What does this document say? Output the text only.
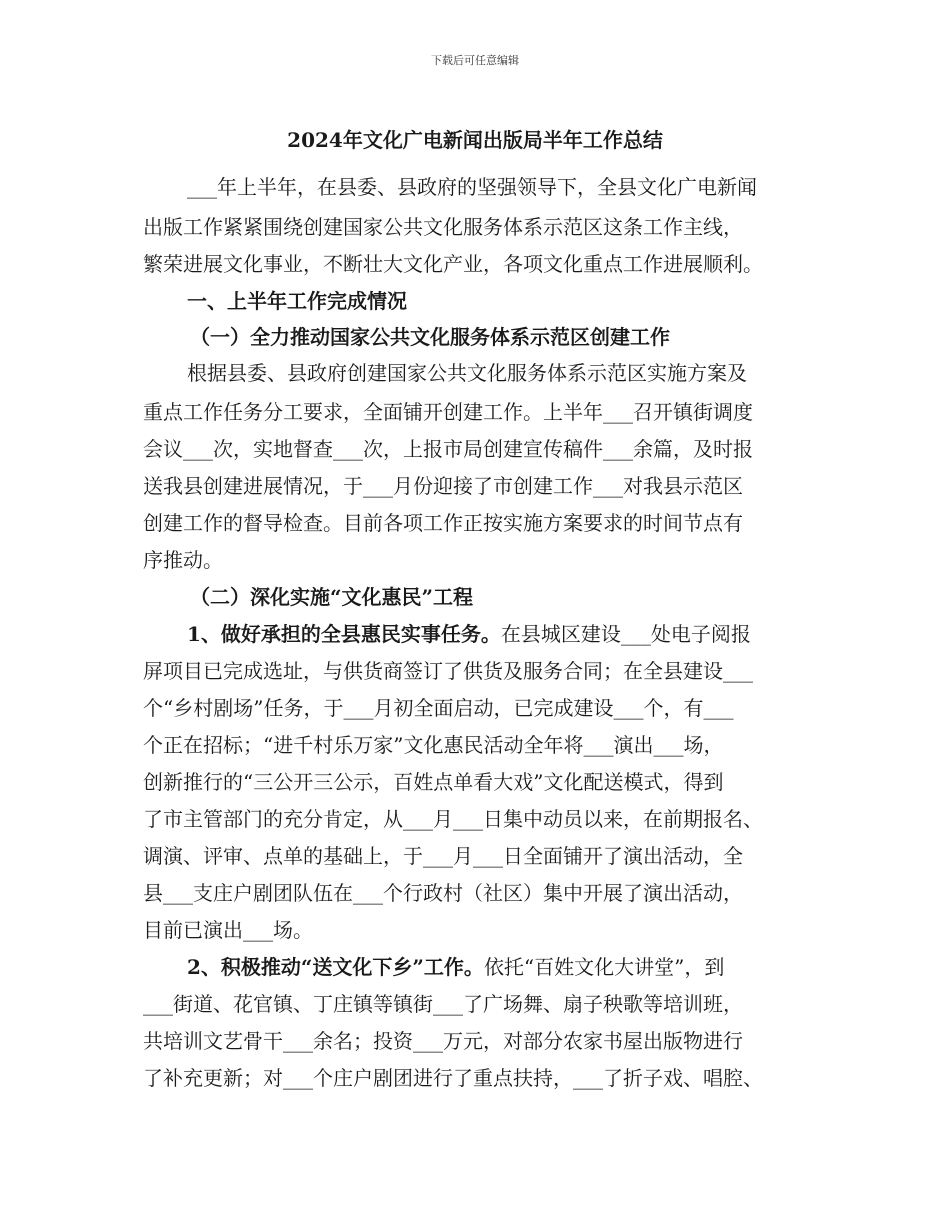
下载后可任意编辑
2024年文化广电新闻出版局半年工作总结
___年上半年，在县委、县政府的坚强领导下，全县文化广电新闻
出版工作紧紧围绕创建国家公共文化服务体系示范区这条工作主线，
繁荣进展文化事业，不断壮大文化产业，各项文化重点工作进展顺利。
一、上半年工作完成情况
（一）全力推动国家公共文化服务体系示范区创建工作
根据县委、县政府创建国家公共文化服务体系示范区实施方案及
重点工作任务分工要求，全面铺开创建工作。上半年___召开镇街调度
会议___次，实地督查___次，上报市局创建宣传稿件___余篇，及时报
送我县创建进展情况，于___月份迎接了市创建工作___对我县示范区
创建工作的督导检查。目前各项工作正按实施方案要求的时间节点有
序推动。
（二）深化实施“文化惠民”工程
1、做好承担的全县惠民实事任务。在县城区建设___处电子阅报
屏项目已完成选址，与供货商签订了供货及服务合同；在全县建设___
个“乡村剧场”任务，于___月初全面启动，已完成建设___个，有___
个正在招标；“进千村乐万家”文化惠民活动全年将___演出___场，
创新推行的“三公开三公示，百姓点单看大戏”文化配送模式，得到
了市主管部门的充分肯定，从___月___日集中动员以来，在前期报名、
调演、评审、点单的基础上，于___月___日全面铺开了演出活动，全
县___支庄户剧团队伍在___个行政村（社区）集中开展了演出活动，
目前已演出___场。
2、积极推动“送文化下乡”工作。依托“百姓文化大讲堂”，到
___街道、花官镇、丁庄镇等镇街___了广场舞、扇子秧歌等培训班，
共培训文艺骨干___余名；投资___万元，对部分农家书屋出版物进行
了补充更新；对___个庄户剧团进行了重点扶持，___了折子戏、唱腔、
